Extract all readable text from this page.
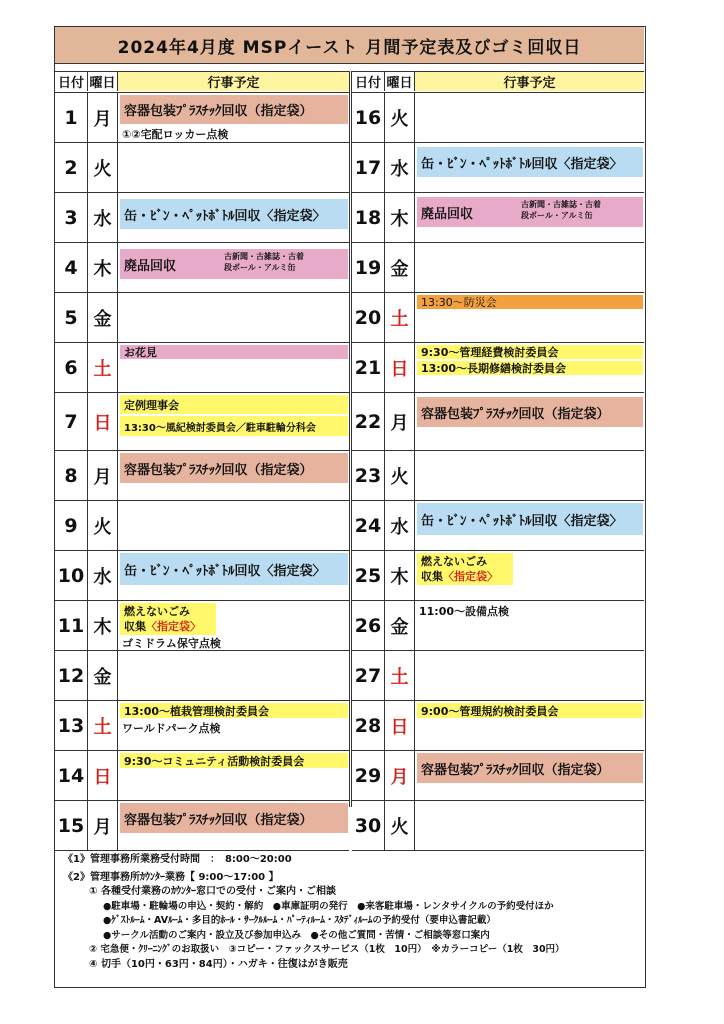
2024年4月度 MSPイースト 月間予定表及びゴミ回収日
日付 曜日	行事予定
1 月 容器包装ﾌﾟﾗｽﾁｯｸ回収（指定袋）
①②宅配ロッカー点検
2 火
3 水 缶・ﾋﾞﾝ・ﾍﾟｯﾄﾎﾞﾄﾙ回収〈指定袋〉
4 木 廃品回収
古新聞・古雑誌・古着
段ボール・アルミ缶
5 金
6 土
お花見
7 日
定例理事会
13:30～風紀検討委員会／駐車駐輪分科会
8 月 容器包装ﾌﾟﾗｽﾁｯｸ回収（指定袋）
9 火
10 水 缶・ﾋﾞﾝ・ﾍﾟｯﾄﾎﾞﾄﾙ回収〈指定袋〉
11 木
燃えないごみ
収集〈指定袋〉
ゴミドラム保守点検
12 金
13 土
13:00～植栽管理検討委員会
ワールドパーク点検
14 日
9:30～コミュニティ活動検討委員会
15 月 容器包装ﾌﾟﾗｽﾁｯｸ回収（指定袋）
日付 曜日	行事予定
16 火
17 水 缶・ﾋﾞﾝ・ﾍﾟｯﾄﾎﾞﾄﾙ回収〈指定袋〉
18 木 廃品回収
古新聞・古雑誌・古着
段ボール・アルミ缶
19 金
20 土
13:30～防災会
21 日
9:30～管理経費検討委員会
13:00～長期修繕検討委員会
22 月 容器包装ﾌﾟﾗｽﾁｯｸ回収（指定袋）
23 火
24 水 缶・ﾋﾞﾝ・ﾍﾟｯﾄﾎﾞﾄﾙ回収〈指定袋〉
25 木
燃えないごみ
収集〈指定袋〉
26 金
11:00～設備点検
27 土
28 日
9:00～管理規約検討委員会
29 月 容器包装ﾌﾟﾗｽﾁｯｸ回収（指定袋）
30 火
《1》管理事務所業務受付時間　：　8:00～20:00
《2》管理事務所ｶｳﾝﾀｰ業務【 9:00～17:00 】
① 各種受付業務のｶｳﾝﾀｰ窓口での受付・ご案内・ご相談
●駐車場・駐輪場の申込・契約・解約　●車庫証明の発行　●来客駐車場・レンタサイクルの予約受付ほか
●ｹﾞｽﾄﾙｰﾑ・AVﾙｰﾑ・多目的ﾎｰﾙ・ｻｰｸﾙﾙｰﾑ・ﾊﾟｰﾃｨﾙｰﾑ・ｽﾀﾃﾞｨﾙｰﾑの予約受付（要申込書記載）
●サークル活動のご案内・設立及び参加申込み　●その他ご質問・苦情・ご相談等窓口案内
② 宅急便・ｸﾘｰﾆﾝｸﾞのお取扱い　③コピー・ファックスサービス（1枚　10円）　※カラーコピー（1枚　30円）
④ 切手（10円・63円・84円）・ハガキ・往復はがき販売
